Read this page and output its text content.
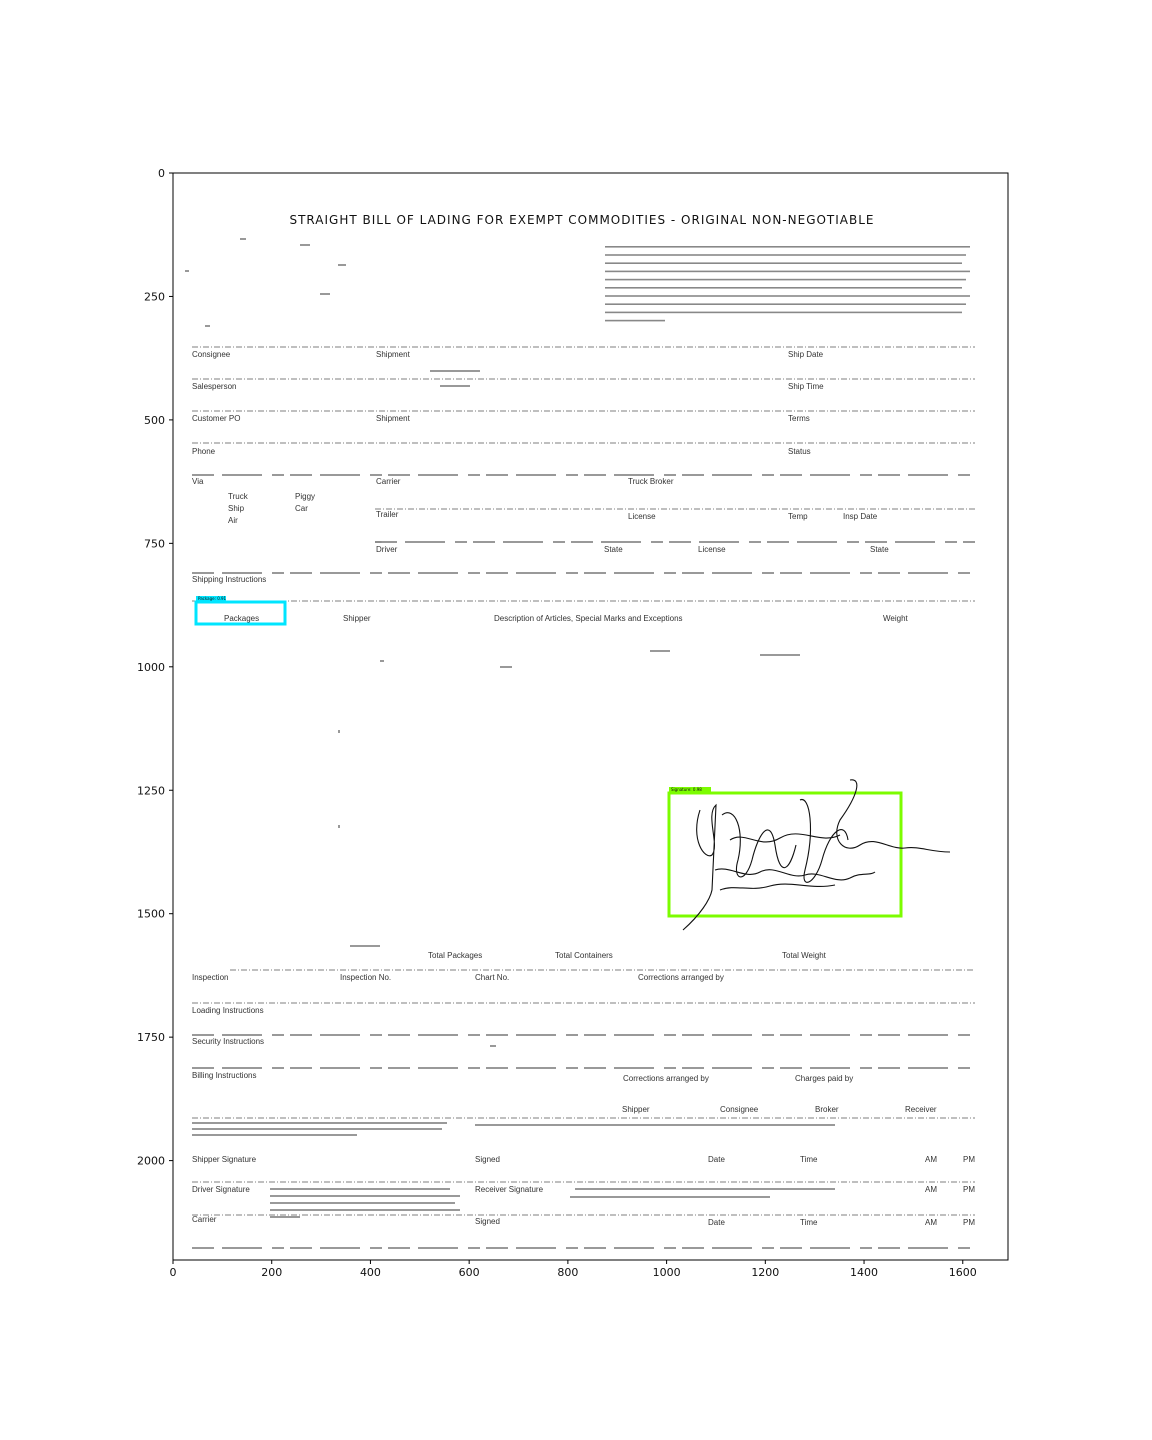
0	200	400	600	800	1000	1200	1400	1600
0
250
500
750
1000
1250
1500
1750
2000
STRAIGHT BILL OF LADING FOR EXEMPT COMMODITIES - ORIGINAL NON-NEGOTIABLE
Consignee	Shipment	Ship Date
Salesperson	Ship Time
Customer PO	Shipment	Terms
Phone	Status
Via	Carrier	Truck Broker
Truck	Piggy
Ship	Car
Air
Trailer	License	Temp	Insp Date
Driver	State	License	State
Shipping Instructions
Package: 0.91
Packages	Shipper	Description of Articles, Special Marks and Exceptions	Weight
Signature: 0.98
Total Packages	Total Containers	Total Weight
Inspection	Inspection No.	Chart No.	Corrections arranged by
Loading Instructions
Security Instructions
Billing Instructions	Corrections arranged by	Charges paid by
Shipper	Consignee	Broker	Receiver
Shipper Signature	Signed	Date	Time	AM	PM
Driver Signature	Receiver Signature	AM	PM
Carrier	Signed	Date	Time	AM	PM
